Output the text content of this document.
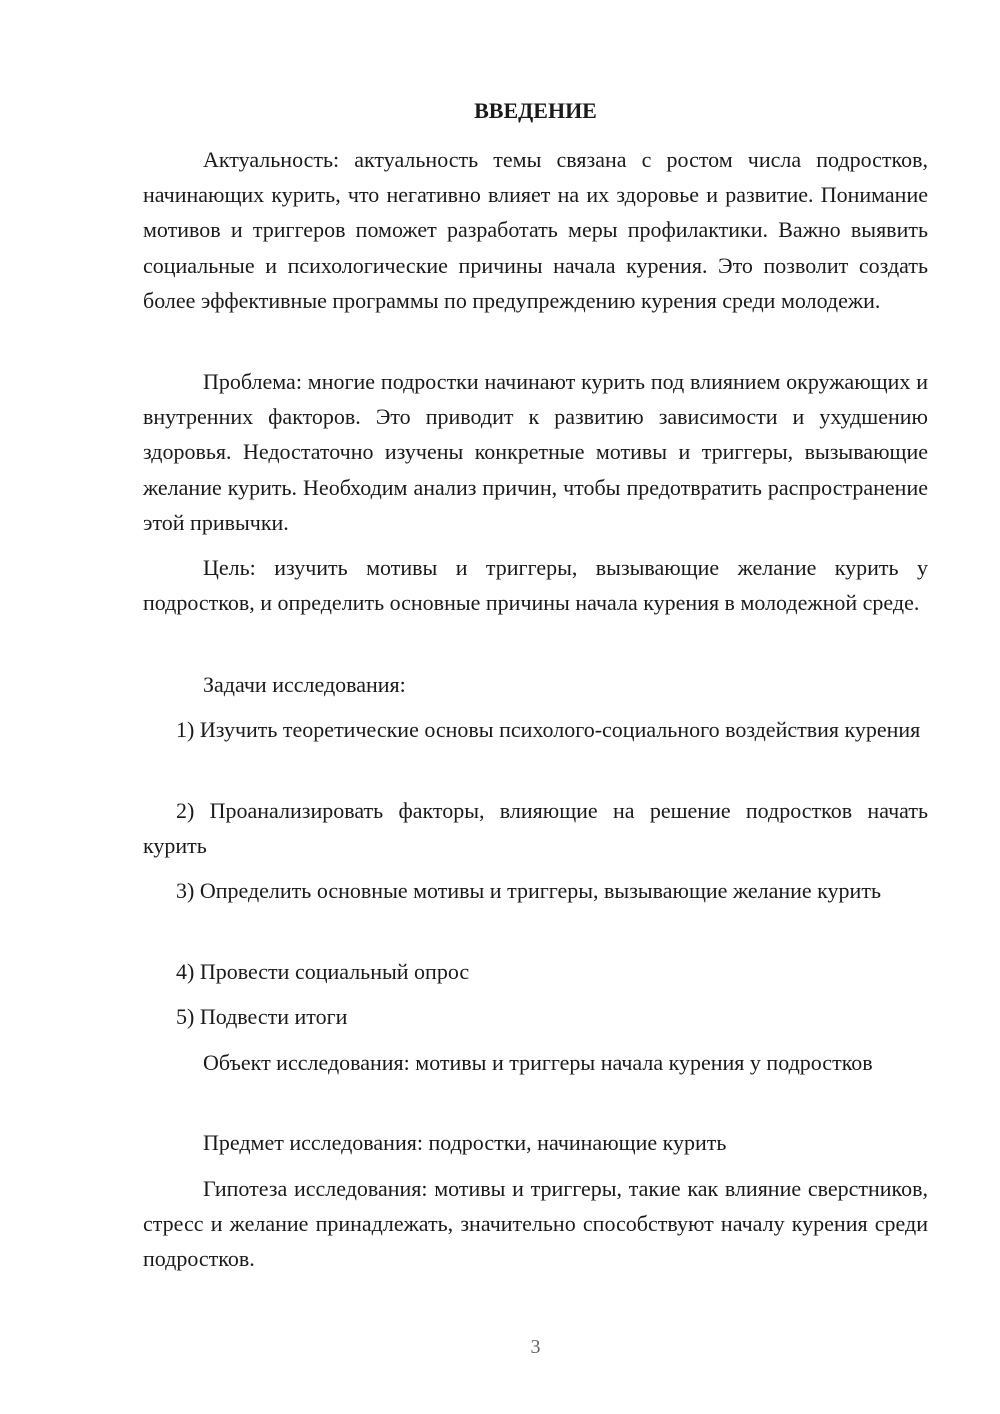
ВВЕДЕНИЕ

Актуальность: актуальность темы связана с ростом числа подростков, начинающих курить, что негативно влияет на их здоровье и развитие. Понимание мотивов и триггеров поможет разработать меры профилактики. Важно выявить социальные и психологические причины начала курения. Это позволит создать более эффективные программы по предупреждению курения среди молодежи.

Проблема: многие подростки начинают курить под влиянием окружающих и внутренних факторов. Это приводит к развитию зависимости и ухудшению здоровья. Недостаточно изучены конкретные мотивы и триггеры, вызывающие желание курить. Необходим анализ причин, чтобы предотвратить распространение этой привычки.

Цель: изучить мотивы и триггеры, вызывающие желание курить у подростков, и определить основные причины начала курения в молодежной среде.

Задачи исследования:

1) Изучить теоретические основы психолого-социального воздействия курения

2) Проанализировать факторы, влияющие на решение подростков начать курить

3) Определить основные мотивы и триггеры, вызывающие желание курить

4) Провести социальный опрос

5) Подвести итоги

Объект исследования: мотивы и триггеры начала курения у подростков

Предмет исследования: подростки, начинающие курить

Гипотеза исследования: мотивы и триггеры, такие как влияние сверстников, стресс и желание принадлежать, значительно способствуют началу курения среди подростков.

3
